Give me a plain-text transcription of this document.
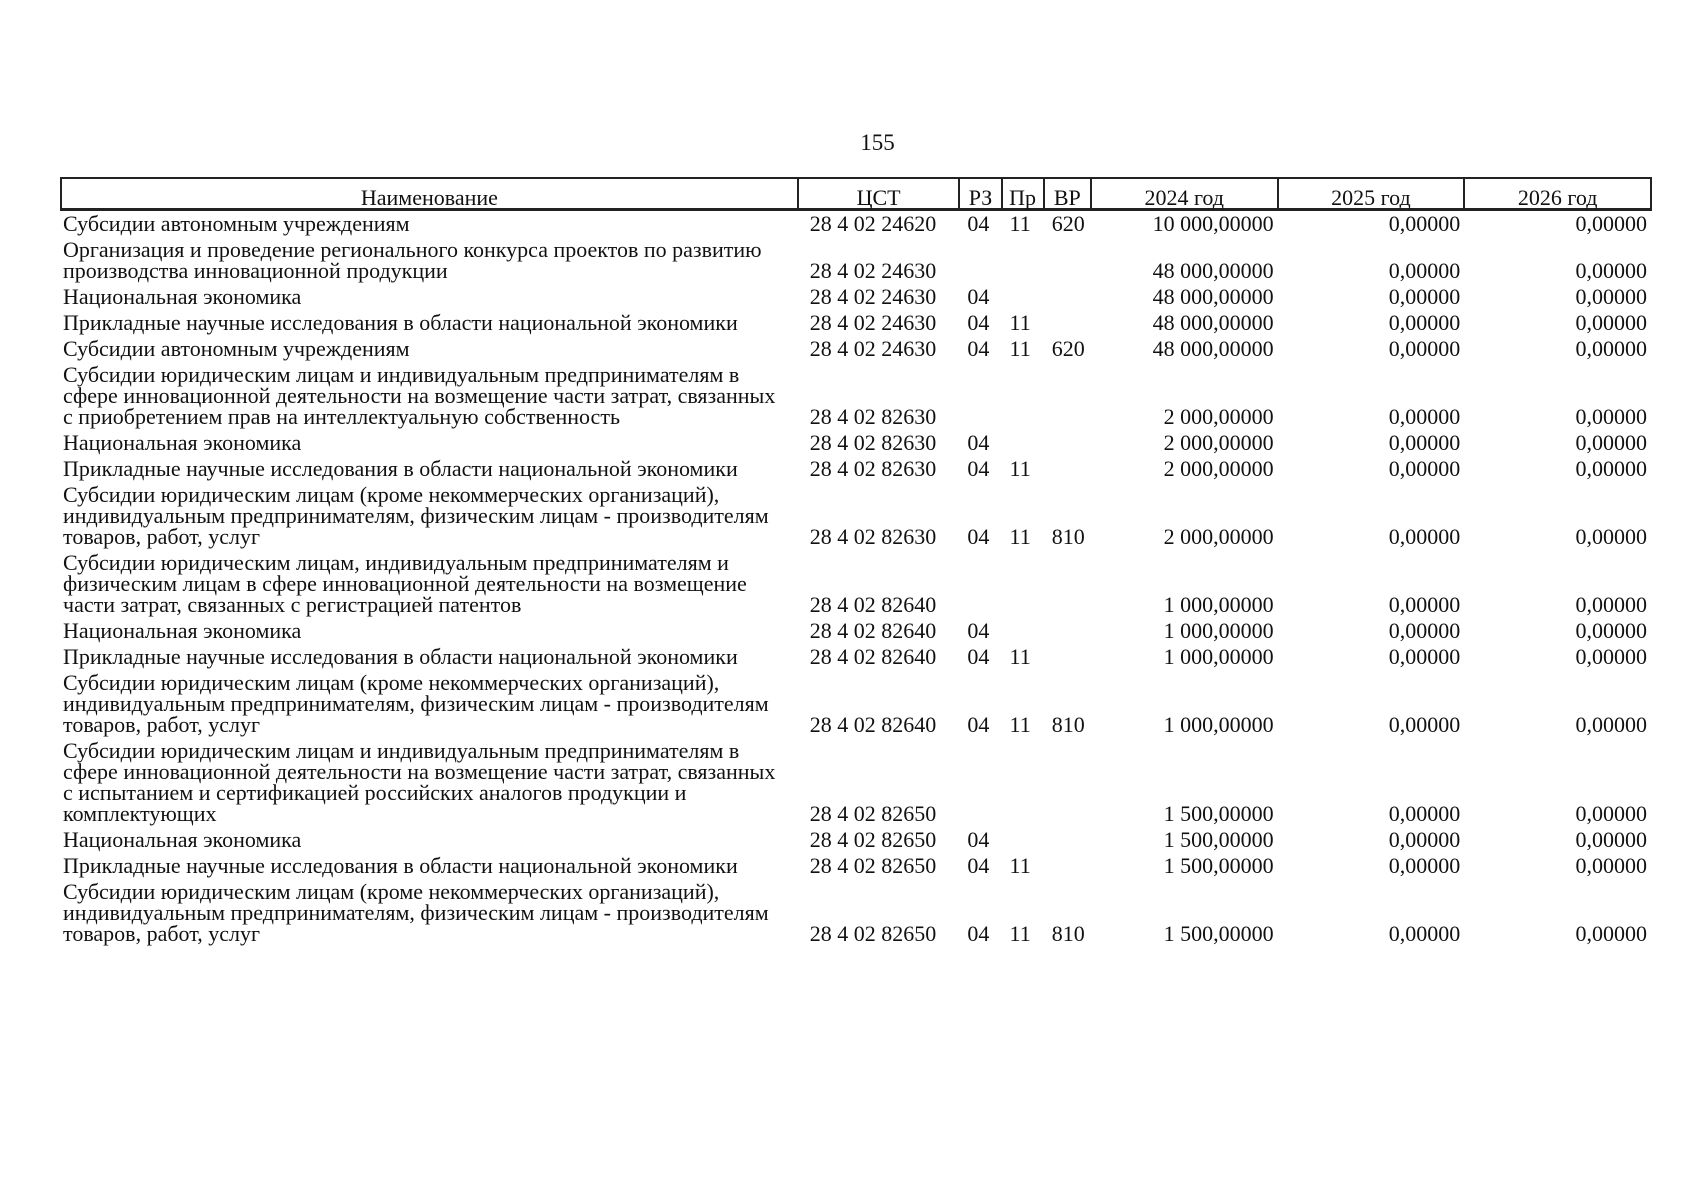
155
Наименование	ЦСТ	РЗ	Пр	ВР	2024 год	2025 год	2026 год
Субсидии автономным учреждениям	28 4 02 24620	04	11	620	10 000,00000	0,00000	0,00000
Организация и проведение регионального конкурса проектов по развитию производства инновационной продукции	28 4 02 24630				48 000,00000	0,00000	0,00000
Национальная экономика	28 4 02 24630	04			48 000,00000	0,00000	0,00000
Прикладные научные исследования в области национальной экономики	28 4 02 24630	04	11		48 000,00000	0,00000	0,00000
Субсидии автономным учреждениям	28 4 02 24630	04	11	620	48 000,00000	0,00000	0,00000
Субсидии юридическим лицам и индивидуальным предпринимателям в сфере инновационной деятельности на возмещение части затрат, связанных с приобретением прав на интеллектуальную собственность	28 4 02 82630				2 000,00000	0,00000	0,00000
Национальная экономика	28 4 02 82630	04			2 000,00000	0,00000	0,00000
Прикладные научные исследования в области национальной экономики	28 4 02 82630	04	11		2 000,00000	0,00000	0,00000
Субсидии юридическим лицам (кроме некоммерческих организаций), индивидуальным предпринимателям, физическим лицам - производителям товаров, работ, услуг	28 4 02 82630	04	11	810	2 000,00000	0,00000	0,00000
Субсидии юридическим лицам, индивидуальным предпринимателям и физическим лицам в сфере инновационной деятельности на возмещение части затрат, связанных с регистрацией патентов	28 4 02 82640				1 000,00000	0,00000	0,00000
Национальная экономика	28 4 02 82640	04			1 000,00000	0,00000	0,00000
Прикладные научные исследования в области национальной экономики	28 4 02 82640	04	11		1 000,00000	0,00000	0,00000
Субсидии юридическим лицам (кроме некоммерческих организаций), индивидуальным предпринимателям, физическим лицам - производителям товаров, работ, услуг	28 4 02 82640	04	11	810	1 000,00000	0,00000	0,00000
Субсидии юридическим лицам и индивидуальным предпринимателям в сфере инновационной деятельности на возмещение части затрат, связанных с испытанием и сертификацией российских аналогов продукции и комплектующих	28 4 02 82650				1 500,00000	0,00000	0,00000
Национальная экономика	28 4 02 82650	04			1 500,00000	0,00000	0,00000
Прикладные научные исследования в области национальной экономики	28 4 02 82650	04	11		1 500,00000	0,00000	0,00000
Субсидии юридическим лицам (кроме некоммерческих организаций), индивидуальным предпринимателям, физическим лицам - производителям товаров, работ, услуг	28 4 02 82650	04	11	810	1 500,00000	0,00000	0,00000
